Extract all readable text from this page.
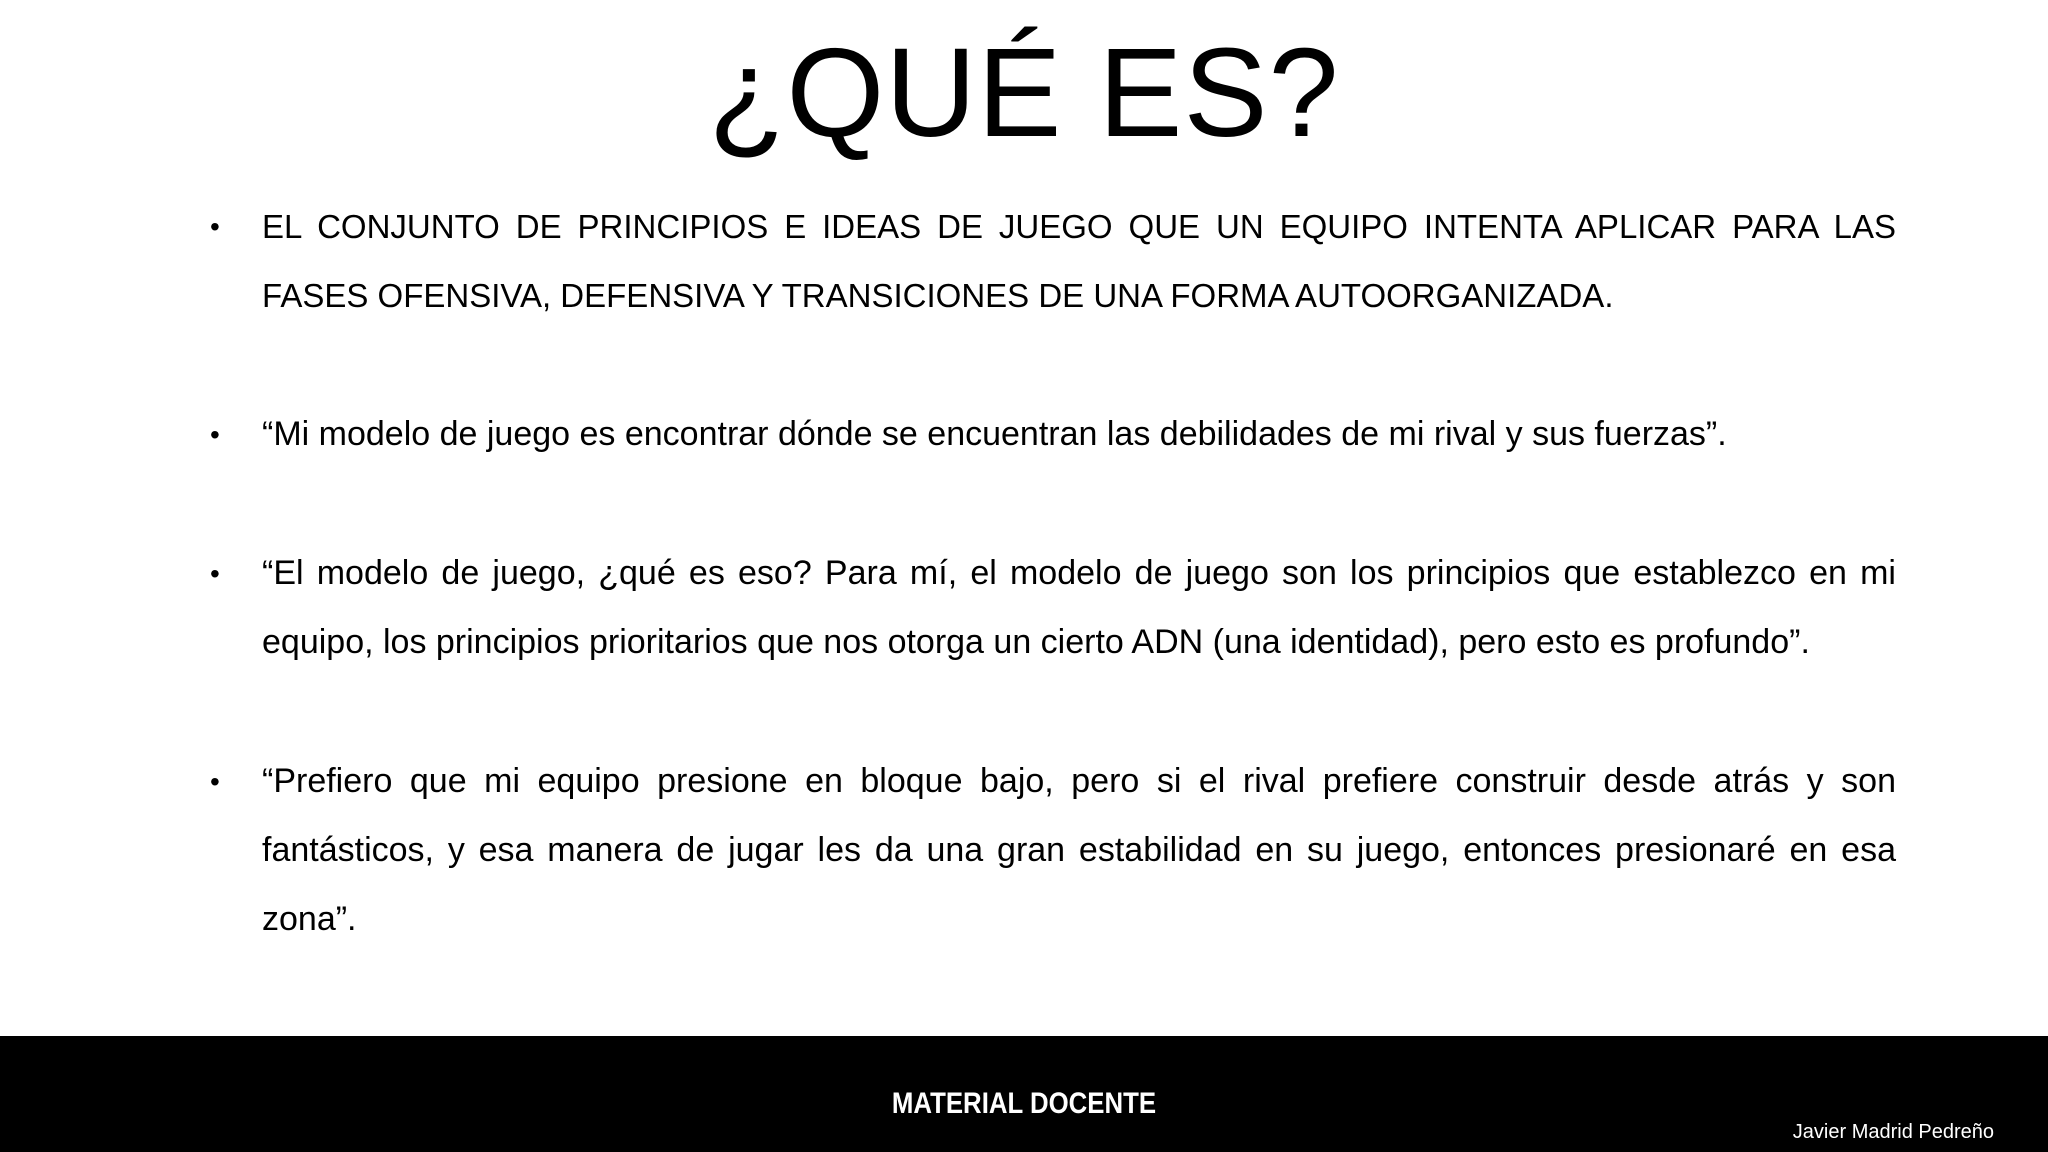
¿QUÉ ES?
•	EL CONJUNTO DE PRINCIPIOS E IDEAS DE JUEGO QUE UN EQUIPO INTENTA APLICAR PARA LAS FASES OFENSIVA, DEFENSIVA Y TRANSICIONES DE UNA FORMA AUTOORGANIZADA.
• “Mi modelo de juego es encontrar dónde se encuentran las debilidades de mi rival y sus fuerzas”.
• “El modelo de juego, ¿qué es eso? Para mí, el modelo de juego son los principios que establezco en mi equipo, los principios prioritarios que nos otorga un cierto ADN (una identidad), pero esto es profundo”.
• “Prefiero que mi equipo presione en bloque bajo, pero si el rival prefiere construir desde atrás y son fantásticos, y esa manera de jugar les da una gran estabilidad en su juego, entonces presionaré en esa zona”.
MATERIAL DOCENTE
Javier Madrid Pedreño
